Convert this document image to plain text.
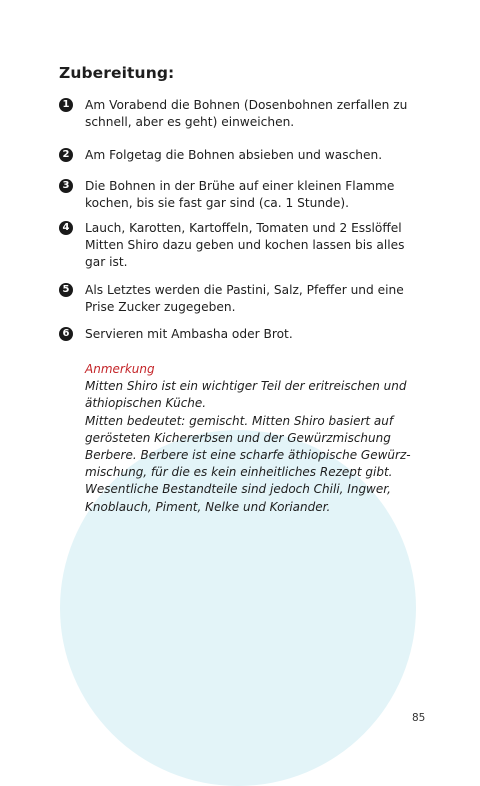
Zubereitung:
1 Am Vorabend die Bohnen (Dosenbohnen zerfallen zu
schnell, aber es geht) einweichen.
2 Am Folgetag die Bohnen absieben und waschen.
3 Die Bohnen in der Brühe auf einer kleinen Flamme
kochen, bis sie fast gar sind (ca. 1 Stunde).
4 Lauch, Karotten, Kartoffeln, Tomaten und 2 Esslöffel
Mitten Shiro dazu geben und kochen lassen bis alles
gar ist.
5 Als Letztes werden die Pastini, Salz, Pfeffer und eine
Prise Zucker zugegeben.
6 Servieren mit Ambasha oder Brot.
Anmerkung
Mitten Shiro ist ein wichtiger Teil der eritreischen und
äthiopischen Küche.
Mitten bedeutet: gemischt. Mitten Shiro basiert auf
gerösteten Kichererbsen und der Gewürzmischung
Berbere. Berbere ist eine scharfe äthiopische Gewürz-
mischung, für die es kein einheitliches Rezept gibt.
Wesentliche Bestandteile sind jedoch Chili, Ingwer,
Knoblauch, Piment, Nelke und Koriander.
85
